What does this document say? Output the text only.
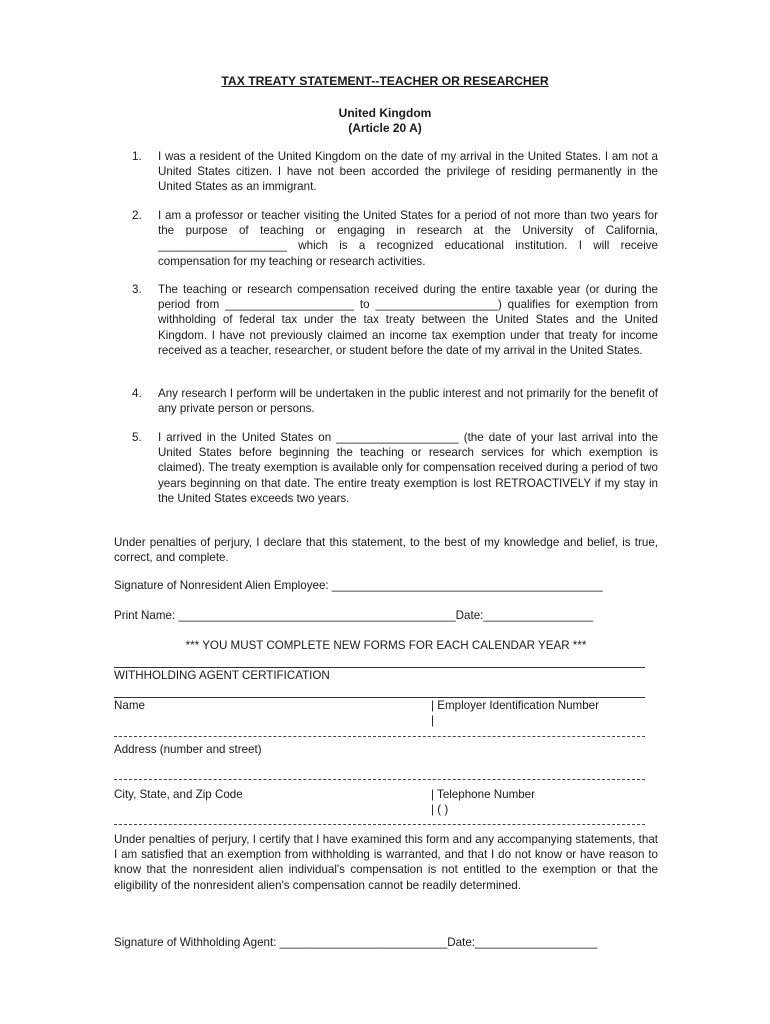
TAX TREATY STATEMENT--TEACHER OR RESEARCHER
United Kingdom
(Article 20 A)
1.	I was a resident of the United Kingdom on the date of my arrival in the United States. I am not a United States citizen. I have not been accorded the privilege of residing permanently in the United States as an immigrant.
2.	I am a professor or teacher visiting the United States for a period of not more than two years for the purpose of teaching or engaging in research at the University of California, ____________________ which is a recognized educational institution. I will receive compensation for my teaching or research activities.
3.	The teaching or research compensation received during the entire taxable year (or during the period from ____________________ to ___________________) qualifies for exemption from withholding of federal tax under the tax treaty between the United States and the United Kingdom. I have not previously claimed an income tax exemption under that treaty for income received as a teacher, researcher, or student before the date of my arrival in the United States.
4.	Any research I perform will be undertaken in the public interest and not primarily for the benefit of any private person or persons.
5.	I arrived in the United States on ___________________ (the date of your last arrival into the United States before beginning the teaching or research services for which exemption is claimed). The treaty exemption is available only for compensation received during a period of two years beginning on that date. The entire treaty exemption is lost RETROACTIVELY if my stay in the United States exceeds two years.
Under penalties of perjury, I declare that this statement, to the best of my knowledge and belief, is true, correct, and complete.
Signature of Nonresident Alien Employee: __________________________________________
Print Name: ___________________________________________Date:_________________
*** YOU MUST COMPLETE NEW FORMS FOR EACH CALENDAR YEAR ***
WITHHOLDING AGENT CERTIFICATION
Name	| Employer Identification Number
|
Address (number and street)
City, State, and Zip Code	| Telephone Number
| ( )
Under penalties of perjury, I certify that I have examined this form and any accompanying statements, that I am satisfied that an exemption from withholding is warranted, and that I do not know or have reason to know that the nonresident alien individual's compensation is not entitled to the exemption or that the eligibility of the nonresident alien's compensation cannot be readily determined.
Signature of Withholding Agent: __________________________Date:___________________
